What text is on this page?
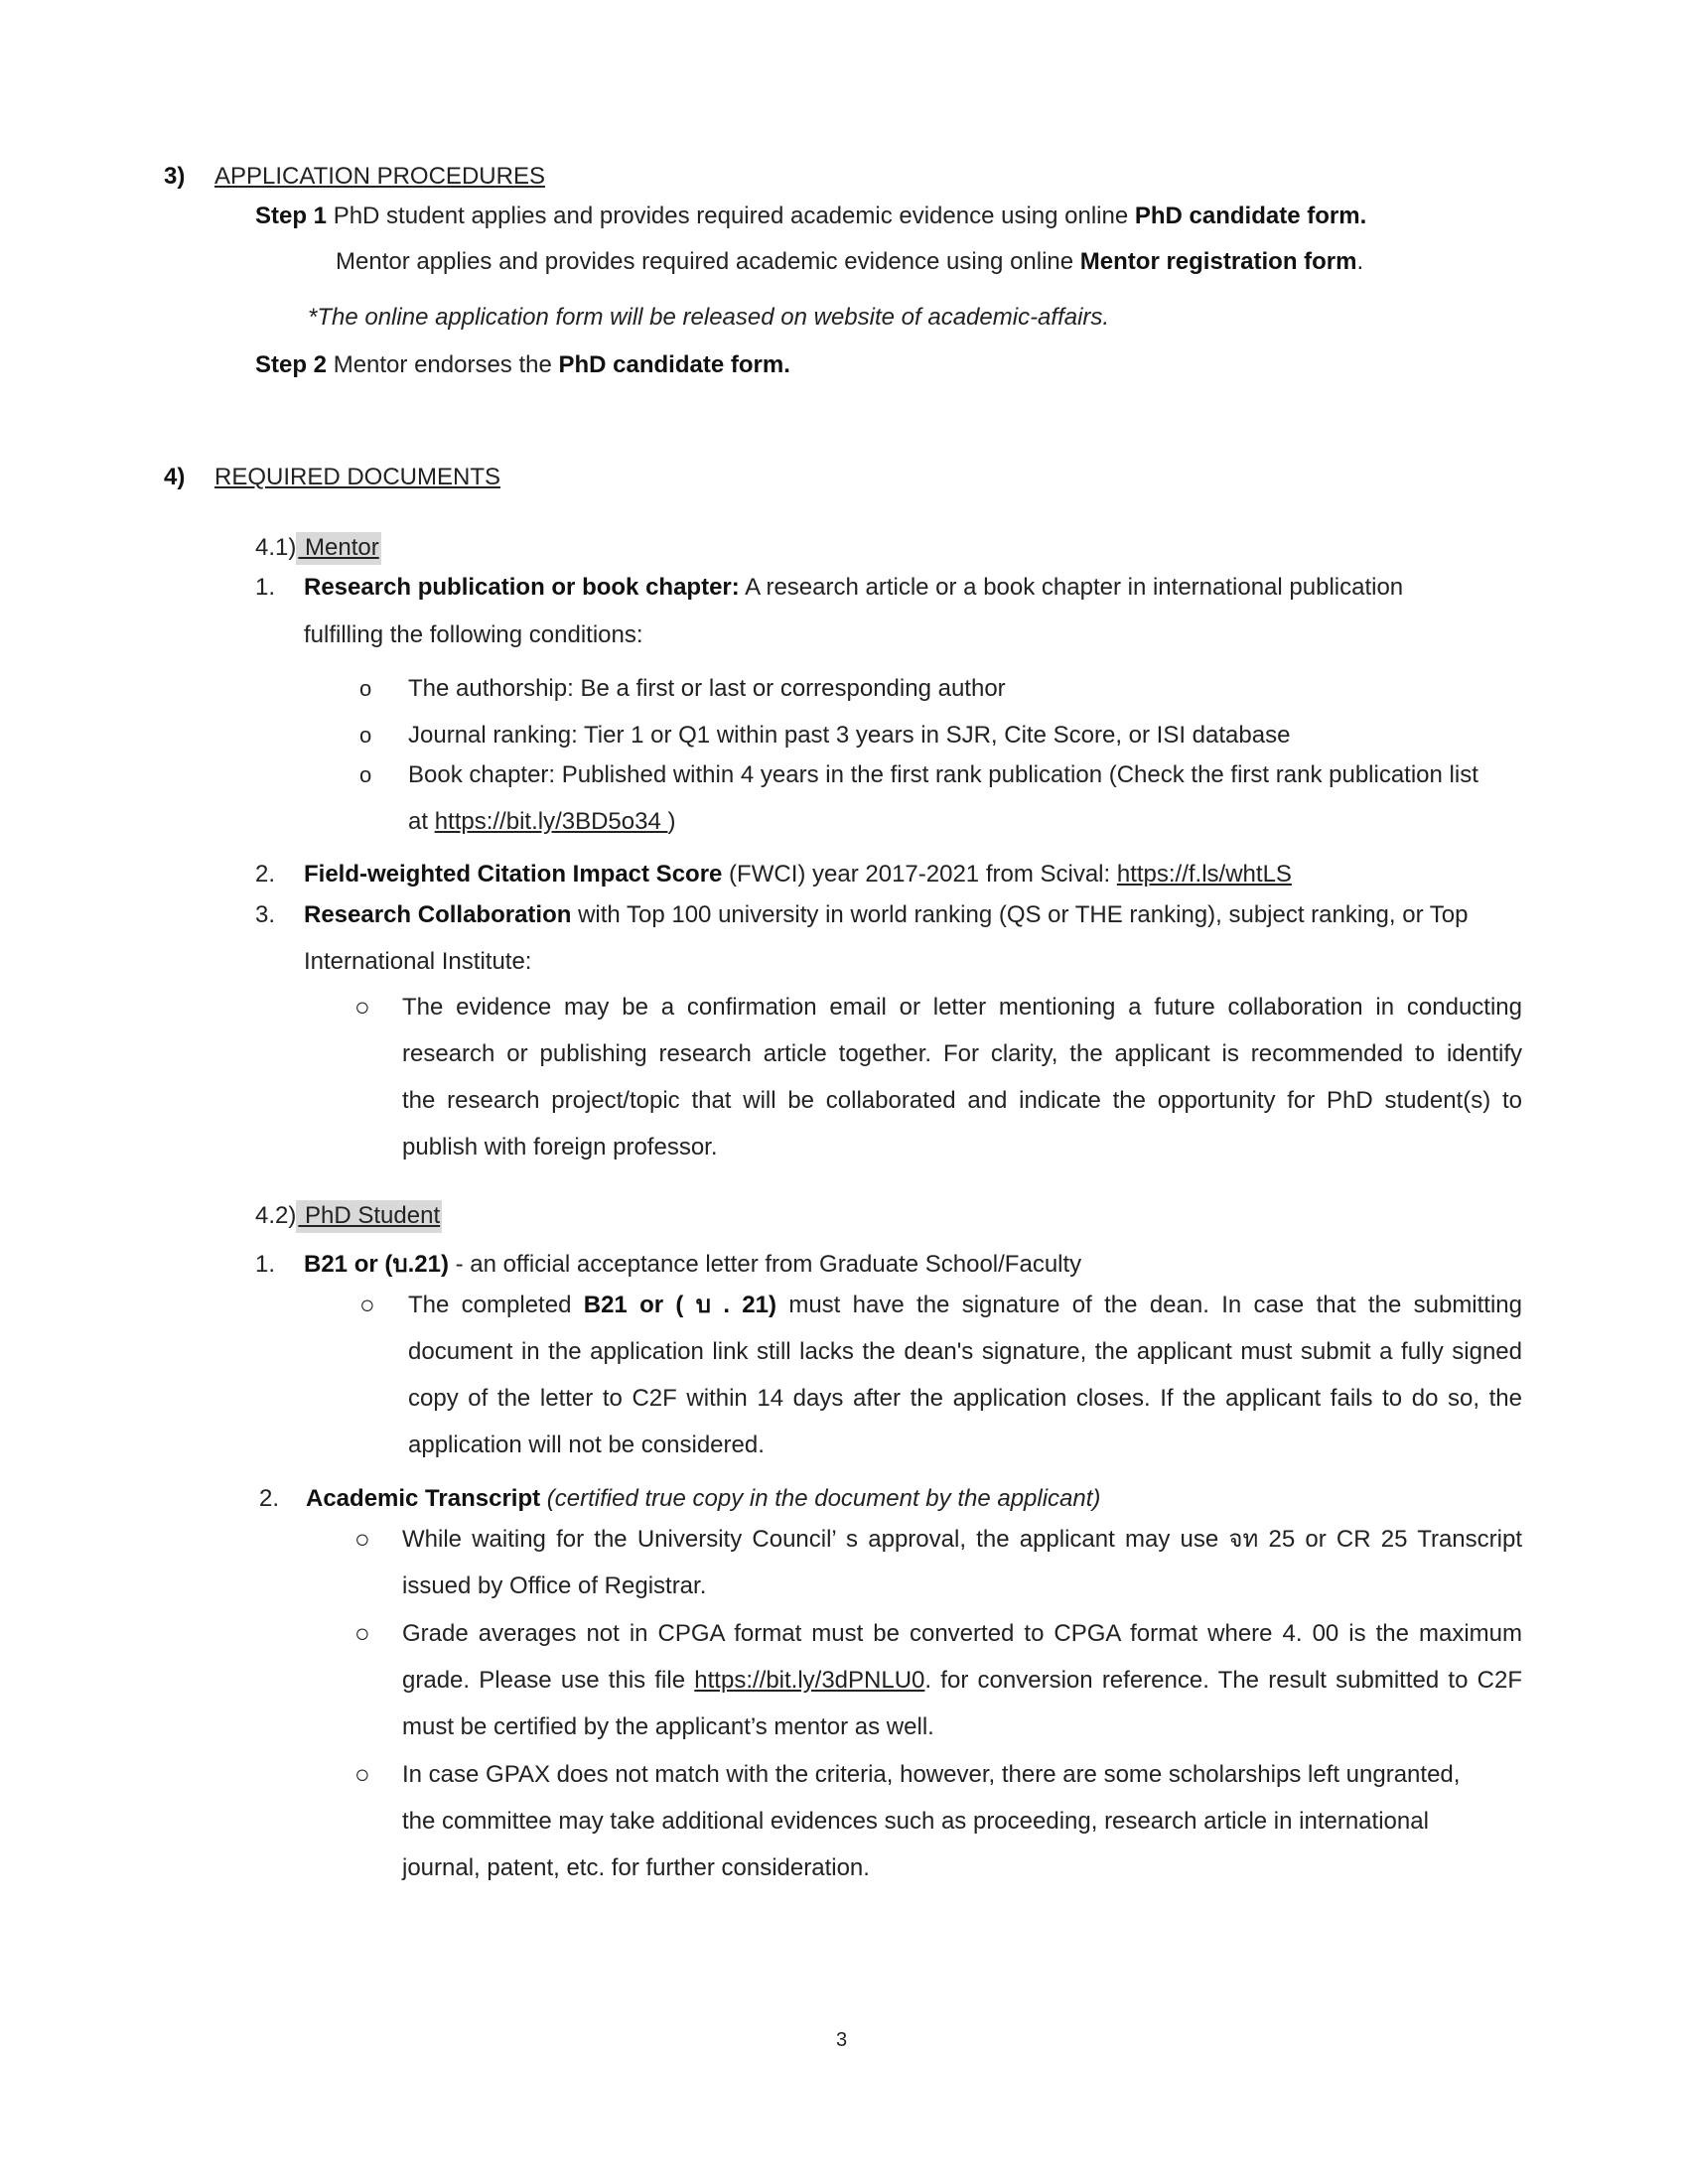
3) APPLICATION PROCEDURES
Step 1 PhD student applies and provides required academic evidence using online PhD candidate form.
Mentor applies and provides required academic evidence using online Mentor registration form.
*The online application form will be released on website of academic-affairs.
Step 2 Mentor endorses the PhD candidate form.
4) REQUIRED DOCUMENTS
4.1) Mentor
1. Research publication or book chapter: A research article or a book chapter in international publication
fulfilling the following conditions:
o The authorship: Be a first or last or corresponding author
o Journal ranking: Tier 1 or Q1 within past 3 years in SJR, Cite Score, or ISI database
o Book chapter: Published within 4 years in the first rank publication (Check the first rank publication list
at https://bit.ly/3BD5o34 )
2. Field-weighted Citation Impact Score (FWCI) year 2017-2021 from Scival: https://f.ls/whtLS
3. Research Collaboration with Top 100 university in world ranking (QS or THE ranking), subject ranking, or Top
International Institute:
○ The evidence may be a confirmation email or letter mentioning a future collaboration in conducting
research or publishing research article together. For clarity, the applicant is recommended to identify
the research project/topic that will be collaborated and indicate the opportunity for PhD student(s) to
publish with foreign professor.
4.2) PhD Student
1. B21 or (บ.21) - an official acceptance letter from Graduate School/Faculty
○ The completed B21 or ( บ . 21) must have the signature of the dean. In case that the submitting
document in the application link still lacks the dean's signature, the applicant must submit a fully signed
copy of the letter to C2F within 14 days after the application closes. If the applicant fails to do so, the
application will not be considered.
2. Academic Transcript (certified true copy in the document by the applicant)
○ While waiting for the University Council’ s approval, the applicant may use จท 25 or CR 25 Transcript
issued by Office of Registrar.
○ Grade averages not in CPGA format must be converted to CPGA format where 4. 00 is the maximum
grade. Please use this file https://bit.ly/3dPNLU0. for conversion reference. The result submitted to C2F
must be certified by the applicant’s mentor as well.
○ In case GPAX does not match with the criteria, however, there are some scholarships left ungranted,
the committee may take additional evidences such as proceeding, research article in international
journal, patent, etc. for further consideration.
3
